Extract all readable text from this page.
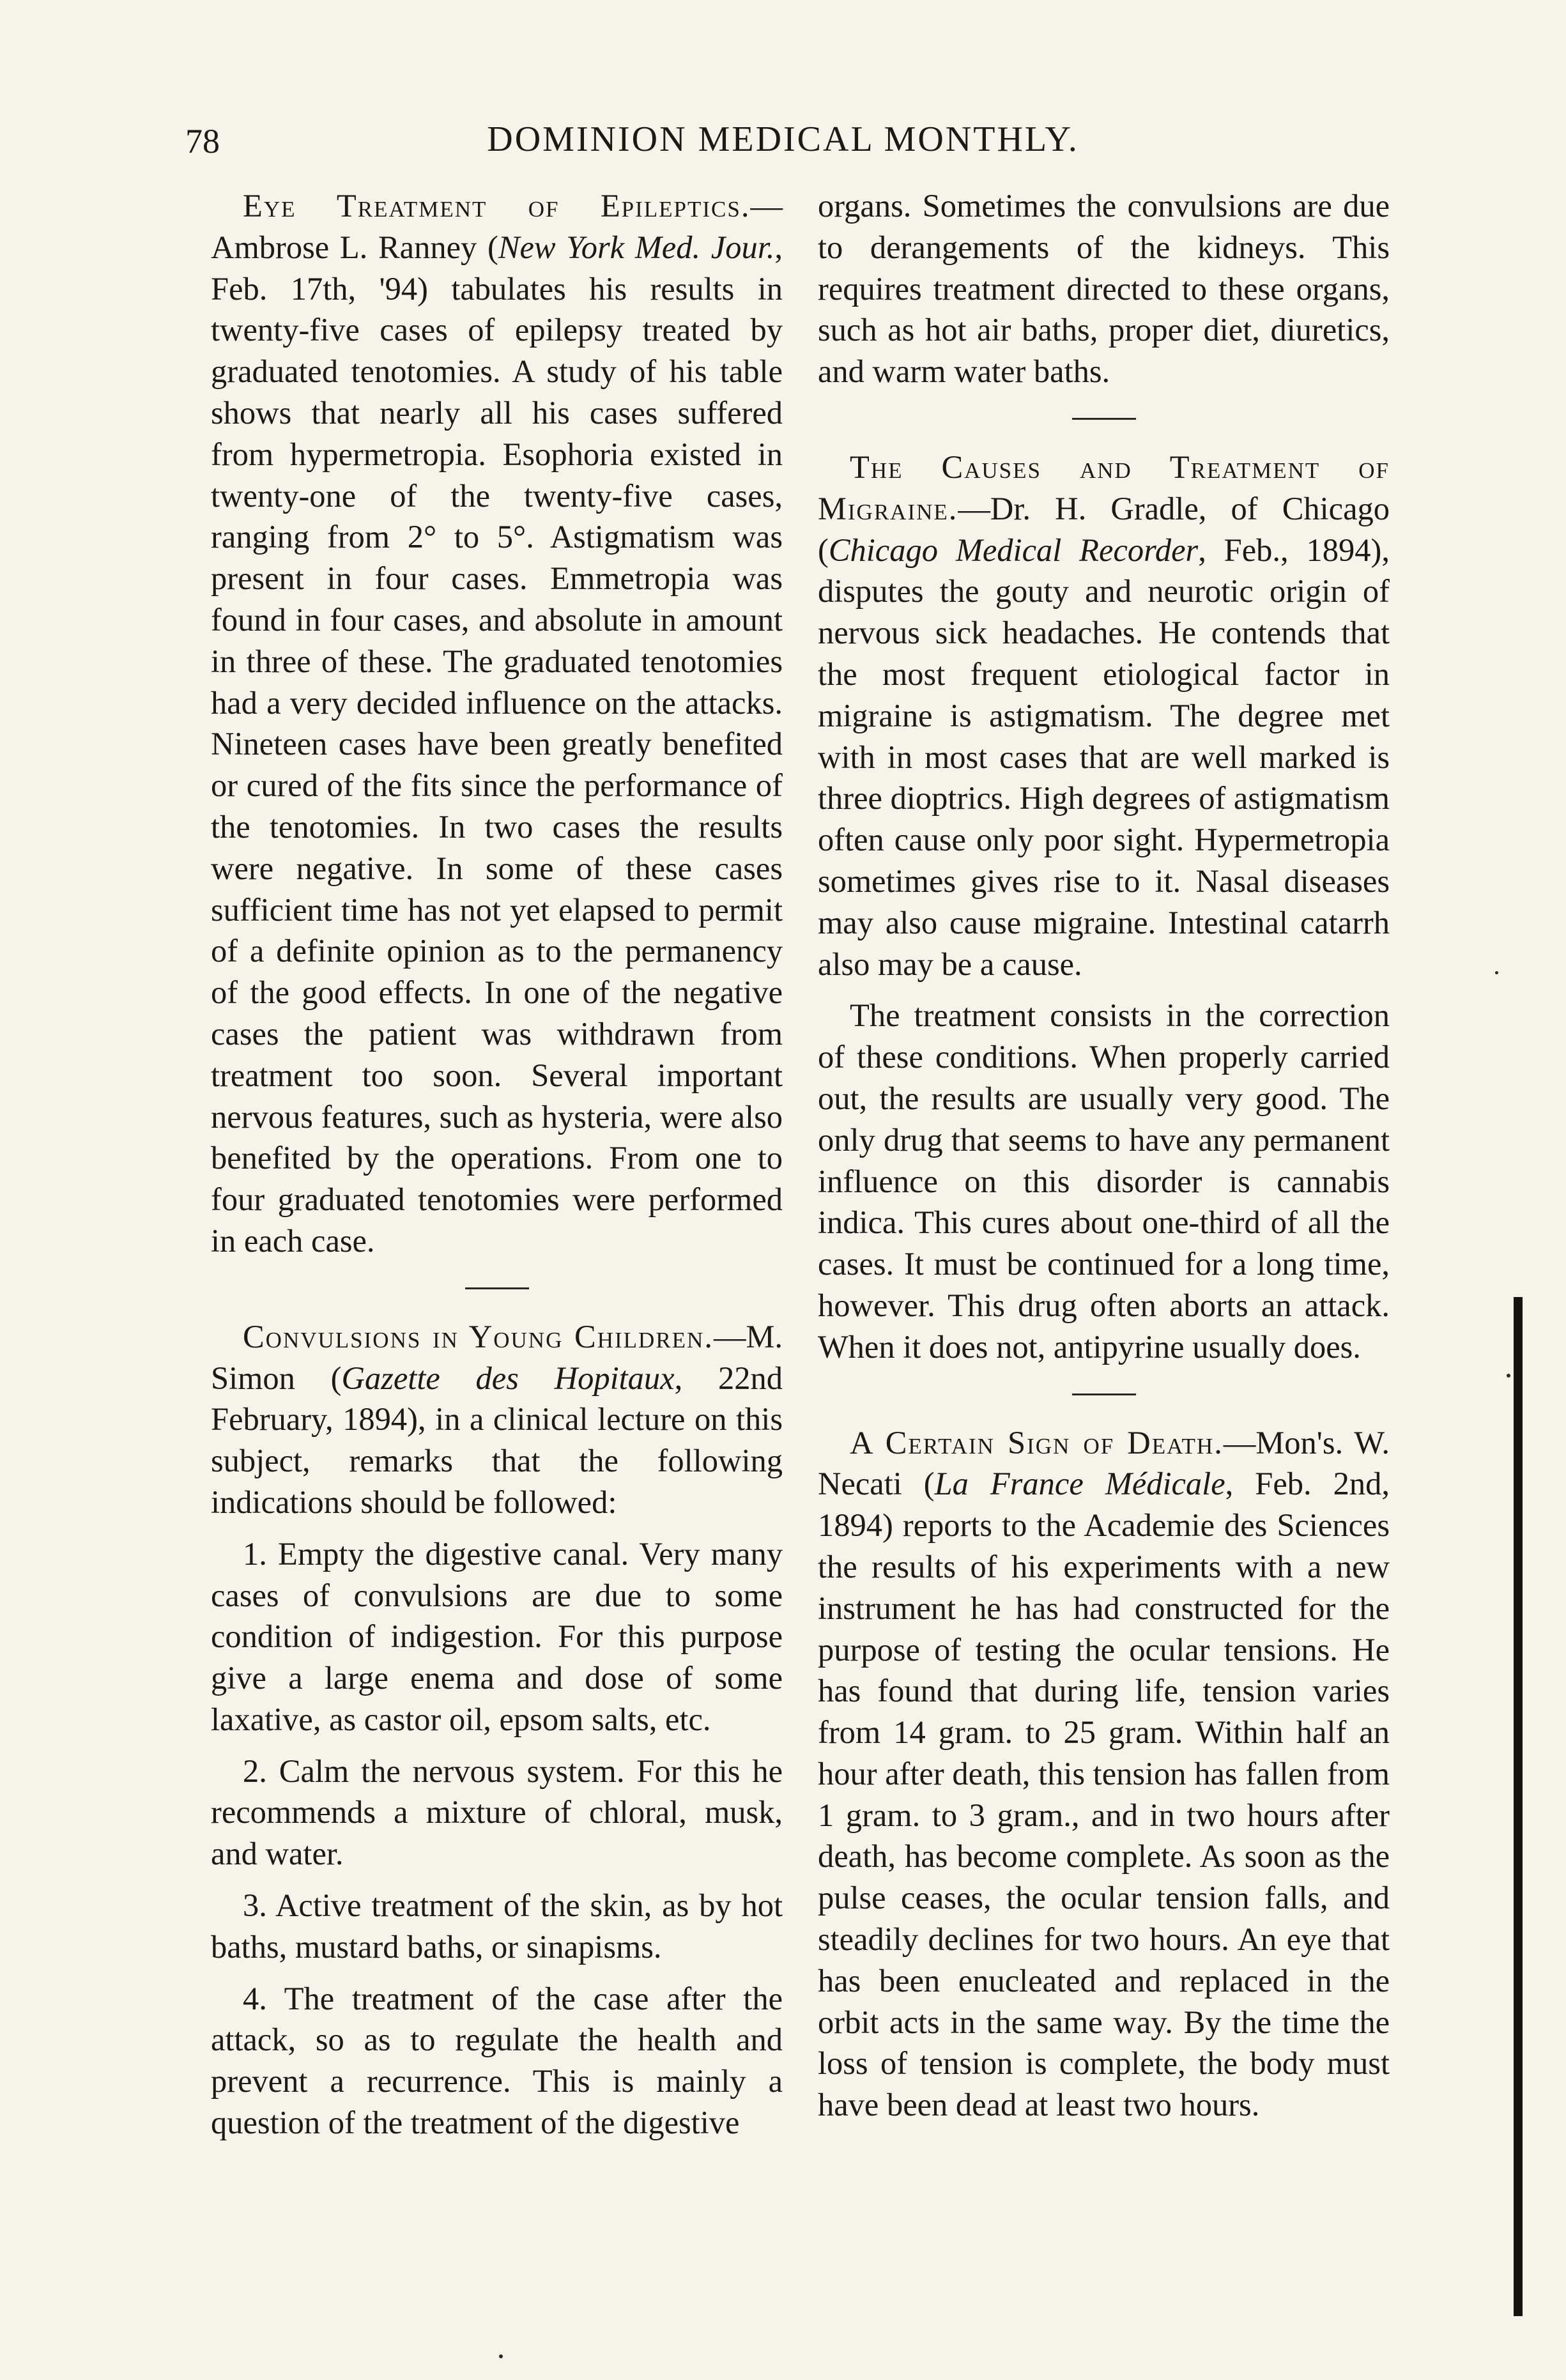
78	DOMINION MEDICAL MONTHLY.

Eye Treatment of Epileptics.—Ambrose L. Ranney (New York Med. Jour., Feb. 17th, '94) tabulates his results in twenty-five cases of epilepsy treated by graduated tenotomies. A study of his table shows that nearly all his cases suffered from hypermetropia. Esophoria existed in twenty-one of the twenty-five cases, ranging from 2° to 5°. Astigmatism was present in four cases. Emmetropia was found in four cases, and absolute in amount in three of these. The graduated tenotomies had a very decided influence on the attacks. Nineteen cases have been greatly benefited or cured of the fits since the performance of the tenotomies. In two cases the results were negative. In some of these cases sufficient time has not yet elapsed to permit of a definite opinion as to the permanency of the good effects. In one of the negative cases the patient was withdrawn from treatment too soon. Several important nervous features, such as hysteria, were also benefited by the operations. From one to four graduated tenotomies were performed in each case.

Convulsions in Young Children.—M. Simon (Gazette des Hopitaux, 22nd February, 1894), in a clinical lecture on this subject, remarks that the following indications should be followed:

1. Empty the digestive canal. Very many cases of convulsions are due to some condition of indigestion. For this purpose give a large enema and dose of some laxative, as castor oil, epsom salts, etc.

2. Calm the nervous system. For this he recommends a mixture of chloral, musk, and water.

3. Active treatment of the skin, as by hot baths, mustard baths, or sinapisms.

4. The treatment of the case after the attack, so as to regulate the health and prevent a recurrence. This is mainly a question of the treatment of the digestive

organs. Sometimes the convulsions are due to derangements of the kidneys. This requires treatment directed to these organs, such as hot air baths, proper diet, diuretics, and warm water baths.

The Causes and Treatment of Migraine.—Dr. H. Gradle, of Chicago (Chicago Medical Recorder, Feb., 1894), disputes the gouty and neurotic origin of nervous sick headaches. He contends that the most frequent etiological factor in migraine is astigmatism. The degree met with in most cases that are well marked is three dioptrics. High degrees of astigmatism often cause only poor sight. Hypermetropia sometimes gives rise to it. Nasal diseases may also cause migraine. Intestinal catarrh also may be a cause.

The treatment consists in the correction of these conditions. When properly carried out, the results are usually very good. The only drug that seems to have any permanent influence on this disorder is cannabis indica. This cures about one-third of all the cases. It must be continued for a long time, however. This drug often aborts an attack. When it does not, antipyrine usually does.

A Certain Sign of Death.—Mon's. W. Necati (La France Médicale, Feb. 2nd, 1894) reports to the Academie des Sciences the results of his experiments with a new instrument he has had constructed for the purpose of testing the ocular tensions. He has found that during life, tension varies from 14 gram. to 25 gram. Within half an hour after death, this tension has fallen from 1 gram. to 3 gram., and in two hours after death, has become complete. As soon as the pulse ceases, the ocular tension falls, and steadily declines for two hours. An eye that has been enucleated and replaced in the orbit acts in the same way. By the time the loss of tension is complete, the body must have been dead at least two hours.
